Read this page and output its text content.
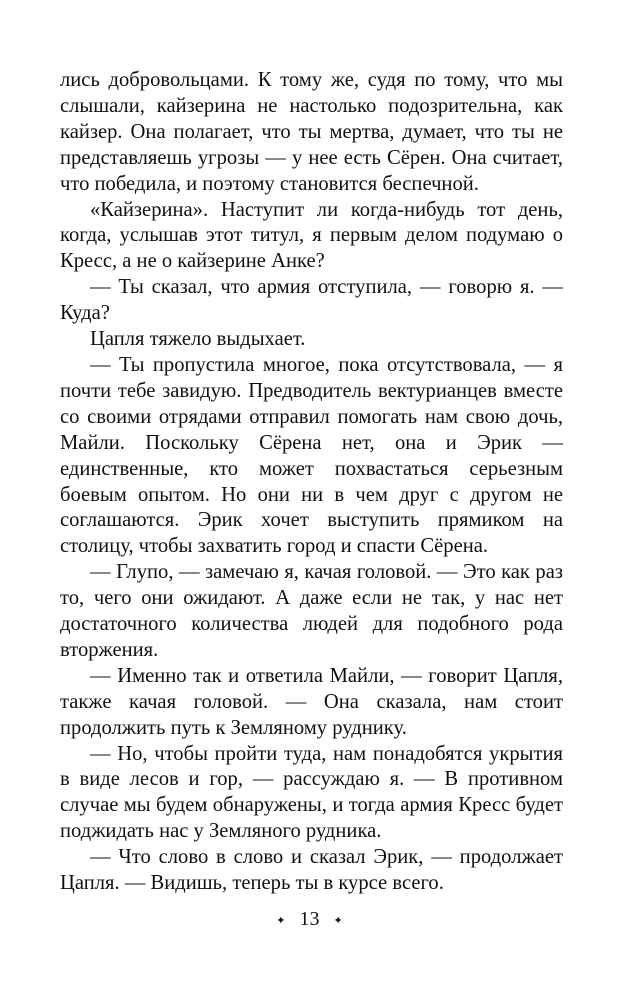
лись добровольцами. К тому же, судя по тому, что мы слышали, кайзерина не настолько подозрительна, как кайзер. Она полагает, что ты мертва, думает, что ты не представляешь угрозы — у нее есть Сёрен. Она считает, что победила, и поэтому становится беспечной.

«Кайзерина». Наступит ли когда-нибудь тот день, когда, услышав этот титул, я первым делом подумаю о Кресс, а не о кайзерине Анке?

— Ты сказал, что армия отступила, — говорю я. — Куда?

Цапля тяжело выдыхает.

— Ты пропустила многое, пока отсутствовала, — я почти тебе завидую. Предводитель вектурианцев вместе со своими отрядами отправил помогать нам свою дочь, Майли. Поскольку Сёрена нет, она и Эрик — единственные, кто может похвастаться серьезным боевым опытом. Но они ни в чем друг с другом не соглашаются. Эрик хочет выступить прямиком на столицу, чтобы захватить город и спасти Сёрена.

— Глупо, — замечаю я, качая головой. — Это как раз то, чего они ожидают. А даже если не так, у нас нет достаточного количества людей для подобного рода вторжения.

— Именно так и ответила Майли, — говорит Цапля, также качая головой. — Она сказала, нам стоит продолжить путь к Земляному руднику.

— Но, чтобы пройти туда, нам понадобятся укрытия в виде лесов и гор, — рассуждаю я. — В противном случае мы будем обнаружены, и тогда армия Кресс будет поджидать нас у Земляного рудника.

— Что слово в слово и сказал Эрик, — продолжает Цапля. — Видишь, теперь ты в курсе всего.

✦ 13 ✦
